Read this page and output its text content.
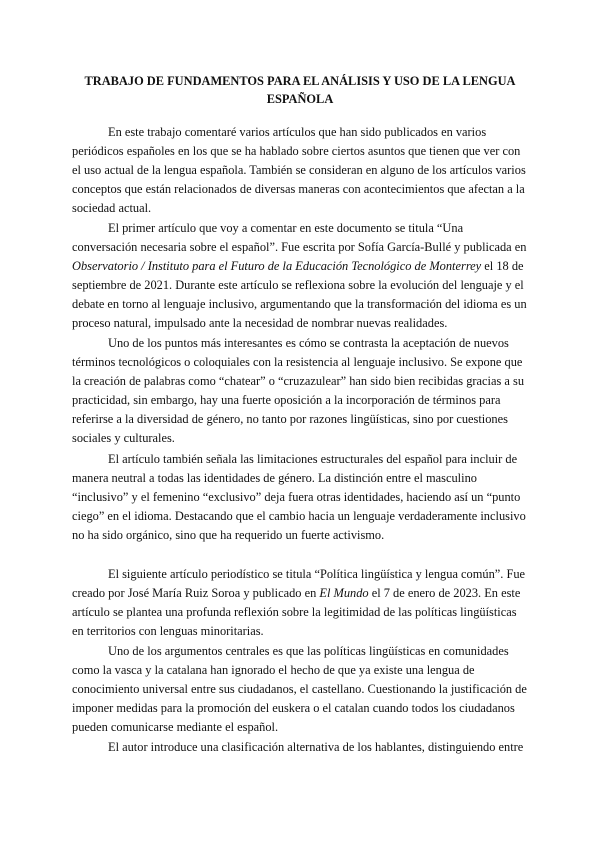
TRABAJO DE FUNDAMENTOS PARA EL ANÁLISIS Y USO DE LA LENGUA ESPAÑOLA

En este trabajo comentaré varios artículos que han sido publicados en varios periódicos españoles en los que se ha hablado sobre ciertos asuntos que tienen que ver con el uso actual de la lengua española. También se consideran en alguno de los artículos varios conceptos que están relacionados de diversas maneras con acontecimientos que afectan a la sociedad actual.

El primer artículo que voy a comentar en este documento se titula “Una conversación necesaria sobre el español”. Fue escrita por Sofía García-Bullé y publicada en Observatorio / Instituto para el Futuro de la Educación Tecnológico de Monterrey el 18 de septiembre de 2021. Durante este artículo se reflexiona sobre la evolución del lenguaje y el debate en torno al lenguaje inclusivo, argumentando que la transformación del idioma es un proceso natural, impulsado ante la necesidad de nombrar nuevas realidades.

Uno de los puntos más interesantes es cómo se contrasta la aceptación de nuevos términos tecnológicos o coloquiales con la resistencia al lenguaje inclusivo. Se expone que la creación de palabras como “chatear” o “cruzazulear” han sido bien recibidas gracias a su practicidad, sin embargo, hay una fuerte oposición a la incorporación de términos para referirse a la diversidad de género, no tanto por razones lingüísticas, sino por cuestiones sociales y culturales.

El artículo también señala las limitaciones estructurales del español para incluir de manera neutral a todas las identidades de género. La distinción entre el masculino “inclusivo” y el femenino “exclusivo” deja fuera otras identidades, haciendo así un “punto ciego” en el idioma. Destacando que el cambio hacia un lenguaje verdaderamente inclusivo no ha sido orgánico, sino que ha requerido un fuerte activismo.

El siguiente artículo periodístico se titula “Política lingüística y lengua común”. Fue creado por José María Ruiz Soroa y publicado en El Mundo el 7 de enero de 2023. En este artículo se plantea una profunda reflexión sobre la legitimidad de las políticas lingüísticas en territorios con lenguas minoritarias.

Uno de los argumentos centrales es que las políticas lingüísticas en comunidades como la vasca y la catalana han ignorado el hecho de que ya existe una lengua de conocimiento universal entre sus ciudadanos, el castellano. Cuestionando la justificación de imponer medidas para la promoción del euskera o el catalan cuando todos los ciudadanos pueden comunicarse mediante el español.

El autor introduce una clasificación alternativa de los hablantes, distinguiendo entre
